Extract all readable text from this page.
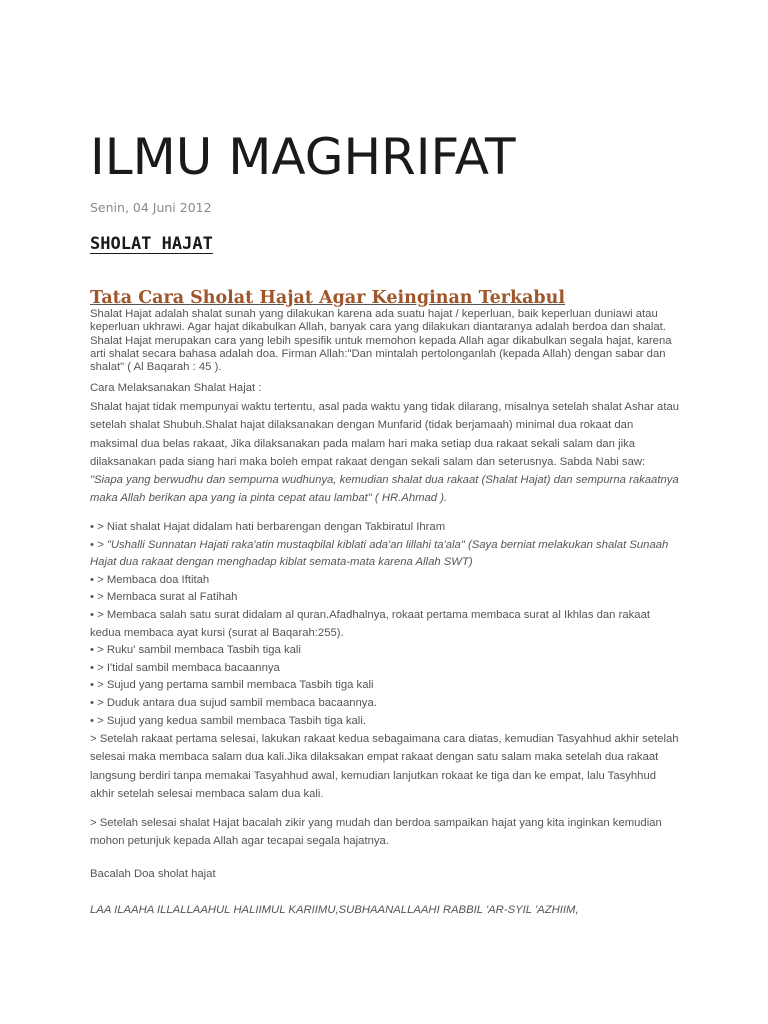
ILMU MAGHRIFAT

Senin, 04 Juni 2012

SHOLAT HAJAT
Tata Cara Sholat Hajat Agar Keinginan Terkabul

Shalat Hajat adalah shalat sunah yang dilakukan karena ada suatu hajat / keperluan, baik keperluan duniawi atau keperluan ukhrawi. Agar hajat dikabulkan Allah, banyak cara yang dilakukan diantaranya adalah berdoa dan shalat. Shalat Hajat merupakan cara yang lebih spesifik untuk memohon kepada Allah agar dikabulkan segala hajat, karena arti shalat secara bahasa adalah doa. Firman Allah:"Dan mintalah pertolonganlah (kepada Allah) dengan sabar dan shalat" ( Al Baqarah : 45 ).

Cara Melaksanakan Shalat Hajat :

Shalat hajat tidak mempunyai waktu tertentu, asal pada waktu yang tidak dilarang, misalnya setelah shalat Ashar atau setelah shalat Shubuh.Shalat hajat dilaksanakan dengan Munfarid (tidak berjamaah) minimal dua rokaat dan maksimal dua belas rakaat, Jika dilaksanakan pada malam hari maka setiap dua rakaat sekali salam dan jika dilaksanakan pada siang hari maka boleh empat rakaat dengan sekali salam dan seterusnya. Sabda Nabi saw: "Siapa yang berwudhu dan sempurna wudhunya, kemudian shalat dua rakaat (Shalat Hajat) dan sempurna rakaatnya maka Allah berikan apa yang ia pinta cepat atau lambat" ( HR.Ahmad ).

• > Niat shalat Hajat didalam hati berbarengan dengan Takbiratul Ihram
• > "Ushalli Sunnatan Hajati raka'atin mustaqbilal kiblati ada'an lillahi ta'ala" (Saya berniat melakukan shalat Sunaah Hajat dua rakaat dengan menghadap kiblat semata-mata karena Allah SWT)
• > Membaca doa Iftitah
• > Membaca surat al Fatihah
• > Membaca salah satu surat didalam al quran.Afadhalnya, rokaat pertama membaca surat al Ikhlas dan rakaat kedua membaca ayat kursi (surat al Baqarah:255).
• > Ruku' sambil membaca Tasbih tiga kali
• > I'tidal sambil membaca bacaannya
• > Sujud yang pertama sambil membaca Tasbih tiga kali
• > Duduk antara dua sujud sambil membaca bacaannya.
• > Sujud yang kedua sambil membaca Tasbih tiga kali.

> Setelah rakaat pertama selesai, lakukan rakaat kedua sebagaimana cara diatas, kemudian Tasyahhud akhir setelah selesai maka membaca salam dua kali.Jika dilaksakan empat rakaat dengan satu salam maka setelah dua rakaat langsung berdiri tanpa memakai Tasyahhud awal, kemudian lanjutkan rokaat ke tiga dan ke empat, lalu Tasyhhud akhir setelah selesai membaca salam dua kali.

> Setelah selesai shalat Hajat bacalah zikir yang mudah dan berdoa sampaikan hajat yang kita inginkan kemudian mohon petunjuk kepada Allah agar tecapai segala hajatnya.

Bacalah Doa sholat hajat

LAA ILAAHA ILLALLAAHUL HALIIMUL KARIIMU,SUBHAANALLAAHI RABBIL 'AR-SYIL 'AZHIIM,
